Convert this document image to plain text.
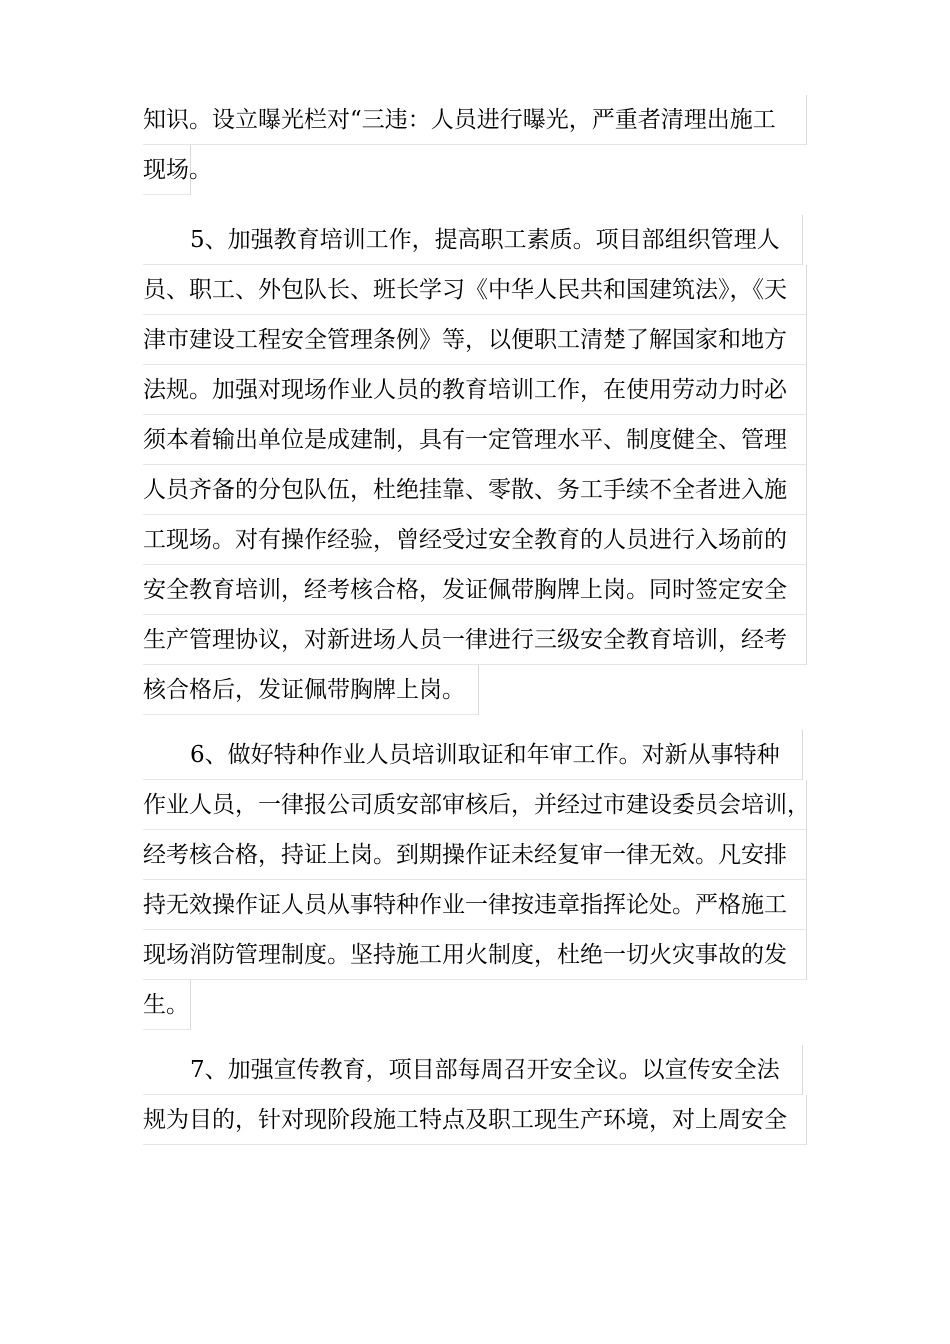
知识。设立曝光栏对“三违：人员进行曝光，严重者清理出施工
现场。
5、加强教育培训工作，提高职工素质。项目部组织管理人
员、职工、外包队长、班长学习《中华人民共和国建筑法》，《天
津市建设工程安全管理条例》等，以便职工清楚了解国家和地方
法规。加强对现场作业人员的教育培训工作，在使用劳动力时必
须本着输出单位是成建制，具有一定管理水平、制度健全、管理
人员齐备的分包队伍，杜绝挂靠、零散、务工手续不全者进入施
工现场。对有操作经验，曾经受过安全教育的人员进行入场前的
安全教育培训，经考核合格，发证佩带胸牌上岗。同时签定安全
生产管理协议，对新进场人员一律进行三级安全教育培训，经考
核合格后，发证佩带胸牌上岗。
6、做好特种作业人员培训取证和年审工作。对新从事特种
作业人员，一律报公司质安部审核后，并经过市建设委员会培训，
经考核合格，持证上岗。到期操作证未经复审一律无效。凡安排
持无效操作证人员从事特种作业一律按违章指挥论处。严格施工
现场消防管理制度。坚持施工用火制度，杜绝一切火灾事故的发
生。
7、加强宣传教育，项目部每周召开安全议。以宣传安全法
规为目的，针对现阶段施工特点及职工现生产环境，对上周安全
